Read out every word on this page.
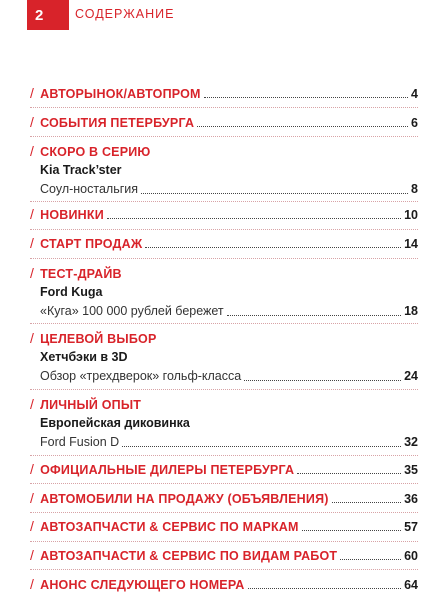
2	СОДЕРЖАНИЕ
/ АВТОРЫНОК/АВТОПРОМ	4
/ СОБЫТИЯ ПЕТЕРБУРГА	6
/ СКОРО В СЕРИЮ
Kia Track’ster
Соул-ностальгия	8
/ НОВИНКИ	10
/ СТАРТ ПРОДАЖ	14
/ ТЕСТ-ДРАЙВ
Ford Kuga
«Куга» 100 000 рублей бережет	18
/ ЦЕЛЕВОЙ ВЫБОР
Хетчбэки в 3D
Обзор «трехдверок» гольф-класса	24
/ ЛИЧНЫЙ ОПЫТ
Европейская диковинка
Ford Fusion D	32
/ ОФИЦИАЛЬНЫЕ ДИЛЕРЫ ПЕТЕРБУРГА	35
/ АВТОМОБИЛИ НА ПРОДАЖУ (ОБЪЯВЛЕНИЯ)	36
/ АВТОЗАПЧАСТИ & СЕРВИС ПО МАРКАМ	57
/ АВТОЗАПЧАСТИ & СЕРВИС ПО ВИДАМ РАБОТ	60
/ АНОНС СЛЕДУЮЩЕГО НОМЕРА	64
